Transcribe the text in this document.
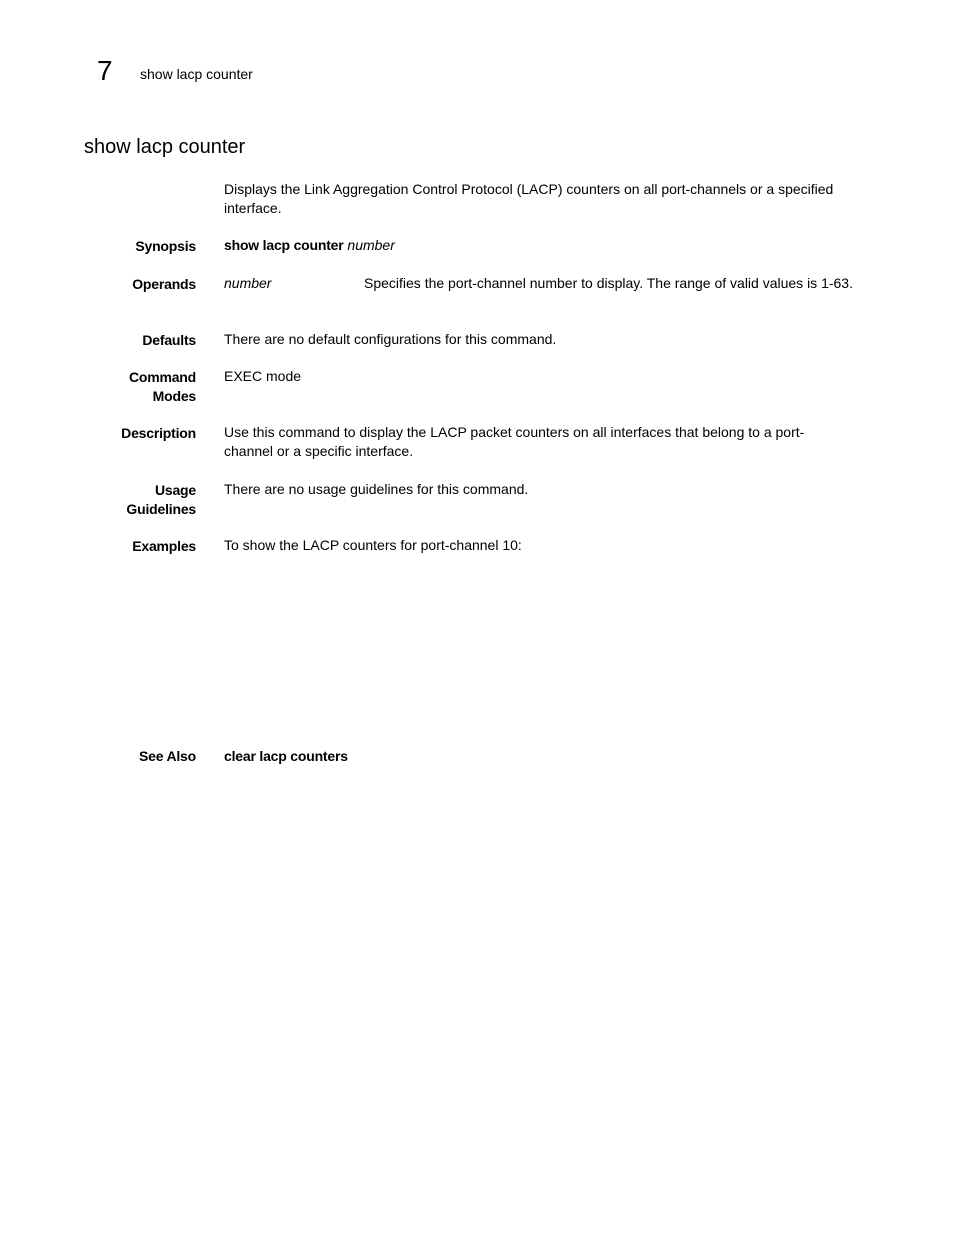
7 show lacp counter
show lacp counter
Displays the Link Aggregation Control Protocol (LACP) counters on all port-channels or a specified interface.
Synopsis show lacp counter number
Operands number	Specifies the port-channel number to display. The range of valid values is 1-63.
Defaults There are no default configurations for this command.
Command
Modes
EXEC mode
Description Use this command to display the LACP packet counters on all interfaces that belong to a port-channel or a specific interface.
Usage
Guidelines
There are no usage guidelines for this command.
Examples To show the LACP counters for port-channel 10:
See Also clear lacp counters
